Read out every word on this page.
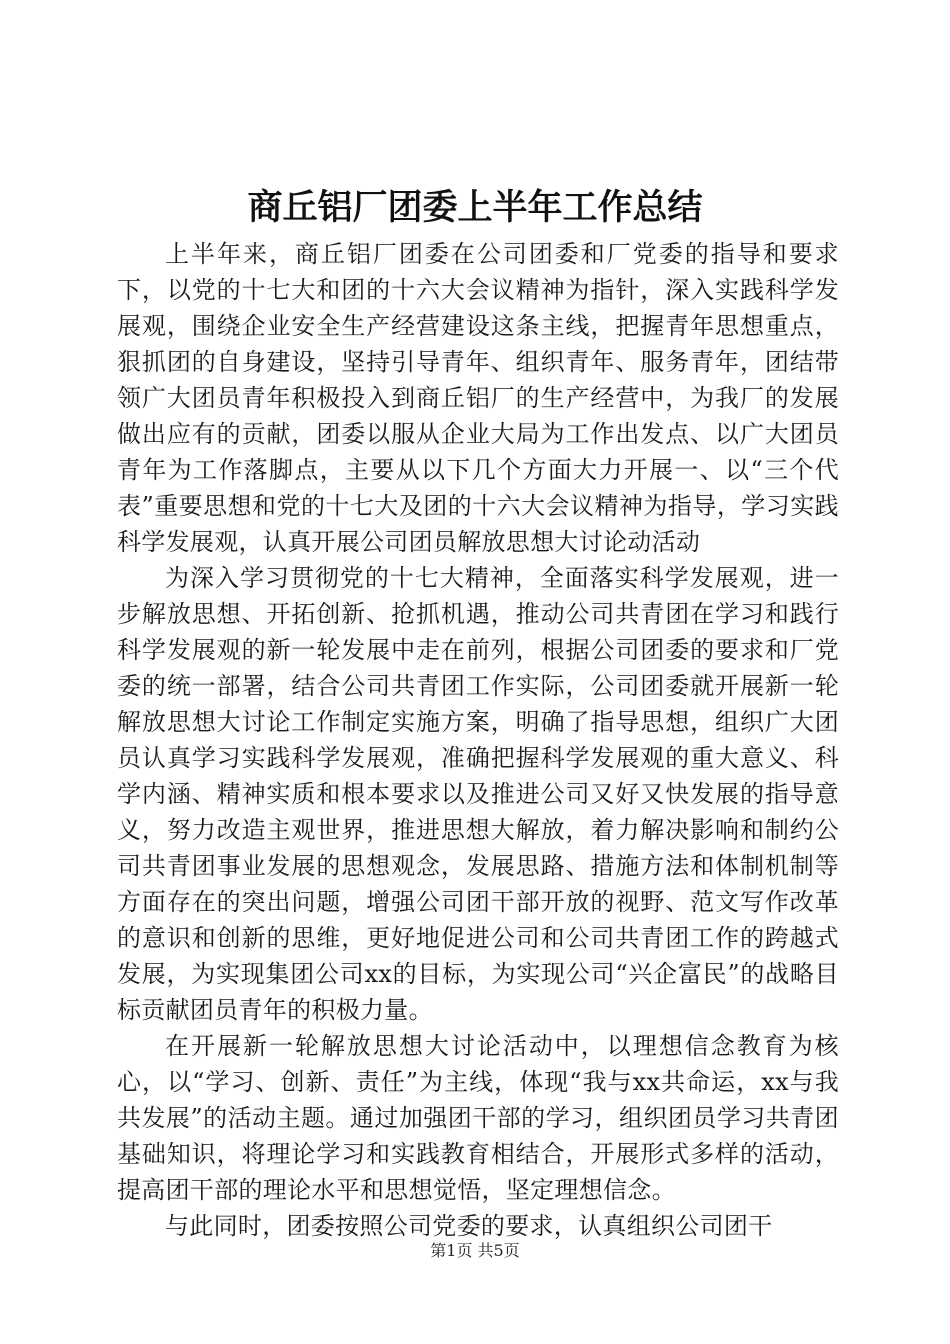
商丘铝厂团委上半年工作总结

上半年来，商丘铝厂团委在公司团委和厂党委的指导和要求下，以党的十七大和团的十六大会议精神为指针，深入实践科学发展观，围绕企业安全生产经营建设这条主线，把握青年思想重点，狠抓团的自身建设，坚持引导青年、组织青年、服务青年，团结带领广大团员青年积极投入到商丘铝厂的生产经营中，为我厂的发展做出应有的贡献，团委以服从企业大局为工作出发点、以广大团员青年为工作落脚点，主要从以下几个方面大力开展一、以“三个代表”重要思想和党的十七大及团的十六大会议精神为指导，学习实践科学发展观，认真开展公司团员解放思想大讨论动活动

为深入学习贯彻党的十七大精神，全面落实科学发展观，进一步解放思想、开拓创新、抢抓机遇，推动公司共青团在学习和践行科学发展观的新一轮发展中走在前列，根据公司团委的要求和厂党委的统一部署，结合公司共青团工作实际，公司团委就开展新一轮解放思想大讨论工作制定实施方案，明确了指导思想，组织广大团员认真学习实践科学发展观，准确把握科学发展观的重大意义、科学内涵、精神实质和根本要求以及推进公司又好又快发展的指导意义，努力改造主观世界，推进思想大解放，着力解决影响和制约公司共青团事业发展的思想观念，发展思路、措施方法和体制机制等方面存在的突出问题，增强公司团干部开放的视野、范文写作改革的意识和创新的思维，更好地促进公司和公司共青团工作的跨越式发展，为实现集团公司xx的目标，为实现公司“兴企富民”的战略目标贡献团员青年的积极力量。

在开展新一轮解放思想大讨论活动中，以理想信念教育为核心，以“学习、创新、责任”为主线，体现“我与xx共命运，xx与我共发展”的活动主题。通过加强团干部的学习，组织团员学习共青团基础知识，将理论学习和实践教育相结合，开展形式多样的活动，提高团干部的理论水平和思想觉悟，坚定理想信念。

与此同时，团委按照公司党委的要求，认真组织公司团干

第1页 共5页
